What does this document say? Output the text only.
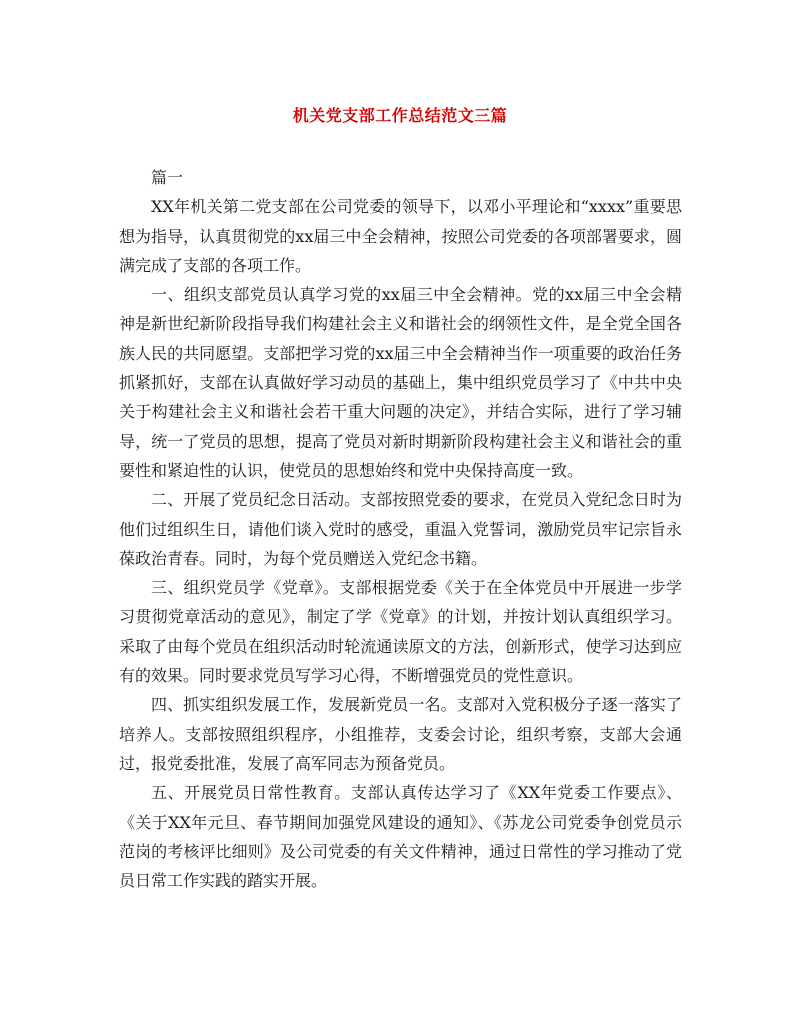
机关党支部工作总结范文三篇

篇一

XX年机关第二党支部在公司党委的领导下，以邓小平理论和“xxxx”重要思想为指导，认真贯彻党的xx届三中全会精神，按照公司党委的各项部署要求，圆满完成了支部的各项工作。

一、组织支部党员认真学习党的xx届三中全会精神。党的xx届三中全会精神是新世纪新阶段指导我们构建社会主义和谐社会的纲领性文件，是全党全国各族人民的共同愿望。支部把学习党的xx届三中全会精神当作一项重要的政治任务抓紧抓好，支部在认真做好学习动员的基础上，集中组织党员学习了《中共中央关于构建社会主义和谐社会若干重大问题的决定》，并结合实际，进行了学习辅导，统一了党员的思想，提高了党员对新时期新阶段构建社会主义和谐社会的重要性和紧迫性的认识，使党员的思想始终和党中央保持高度一致。

二、开展了党员纪念日活动。支部按照党委的要求，在党员入党纪念日时为他们过组织生日，请他们谈入党时的感受，重温入党誓词，激励党员牢记宗旨永葆政治青春。同时，为每个党员赠送入党纪念书籍。

三、组织党员学《党章》。支部根据党委《关于在全体党员中开展进一步学习贯彻党章活动的意见》，制定了学《党章》的计划，并按计划认真组织学习。采取了由每个党员在组织活动时轮流通读原文的方法，创新形式，使学习达到应有的效果。同时要求党员写学习心得，不断增强党员的党性意识。

四、抓实组织发展工作，发展新党员一名。支部对入党积极分子逐一落实了培养人。支部按照组织程序，小组推荐，支委会讨论，组织考察，支部大会通过，报党委批准，发展了高军同志为预备党员。

五、开展党员日常性教育。支部认真传达学习了《XX年党委工作要点》、《关于XX年元旦、春节期间加强党风建设的通知》、《苏龙公司党委争创党员示范岗的考核评比细则》及公司党委的有关文件精神，通过日常性的学习推动了党员日常工作实践的踏实开展。
